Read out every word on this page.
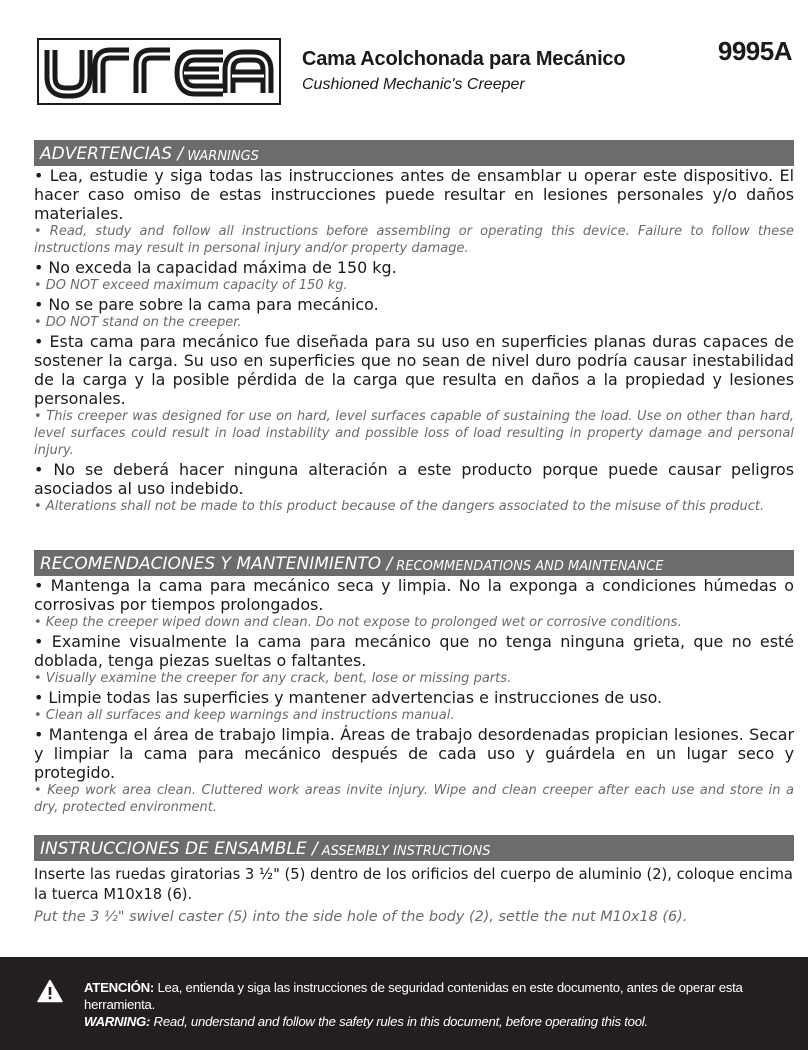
Cama Acolchonada para Mecánico
Cushioned Mechanic's Creeper
9995A
ADVERTENCIAS / WARNINGS

• Lea, estudie y siga todas las instrucciones antes de ensamblar u operar este dispositivo. El hacer caso omiso de estas instrucciones puede resultar en lesiones personales y/o daños materiales.

• Read, study and follow all instructions before assembling or operating this device. Failure to follow these instructions may result in personal injury and/or property damage.

• No exceda la capacidad máxima de 150 kg.

• DO NOT exceed maximum capacity of 150 kg.

• No se pare sobre la cama para mecánico.

• DO NOT stand on the creeper.

• Esta cama para mecánico fue diseñada para su uso en superficies planas duras capaces de sostener la carga. Su uso en superficies que no sean de nivel duro podría causar inestabilidad de la carga y la posible pérdida de la carga que resulta en daños a la propiedad y lesiones personales.

• This creeper was designed for use on hard, level surfaces capable of sustaining the load. Use on other than hard, level surfaces could result in load instability and possible loss of load resulting in property damage and personal injury.

• No se deberá hacer ninguna alteración a este producto porque puede causar peligros asociados al uso indebido.

• Alterations shall not be made to this product because of the dangers associated to the misuse of this product.

RECOMENDACIONES Y MANTENIMIENTO / RECOMMENDATIONS AND MAINTENANCE

• Mantenga la cama para mecánico seca y limpia. No la exponga a condiciones húmedas o corrosivas por tiempos prolongados.

• Keep the creeper wiped down and clean. Do not expose to prolonged wet or corrosive conditions.

• Examine visualmente la cama para mecánico que no tenga ninguna grieta, que no esté doblada, tenga piezas sueltas o faltantes.

• Visually examine the creeper for any crack, bent, lose or missing parts.

• Limpie todas las superficies y mantener advertencias e instrucciones de uso.

• Clean all surfaces and keep warnings and instructions manual.

• Mantenga el área de trabajo limpia. Áreas de trabajo desordenadas propician lesiones. Secar y limpiar la cama para mecánico después de cada uso y guárdela en un lugar seco y protegido.

• Keep work area clean. Cluttered work areas invite injury. Wipe and clean creeper after each use and store in a dry, protected environment.

INSTRUCCIONES DE ENSAMBLE / ASSEMBLY INSTRUCTIONS

Inserte las ruedas giratorias 3 ½" (5) dentro de los orificios del cuerpo de aluminio (2), coloque encima la tuerca M10x18 (6).

Put the 3 ½" swivel caster (5) into the side hole of the body (2), settle the nut M10x18 (6).

ATENCIÓN: Lea, entienda y siga las instrucciones de seguridad contenidas en este documento, antes de operar esta herramienta.
WARNING: Read, understand and follow the safety rules in this document, before operating this tool.
